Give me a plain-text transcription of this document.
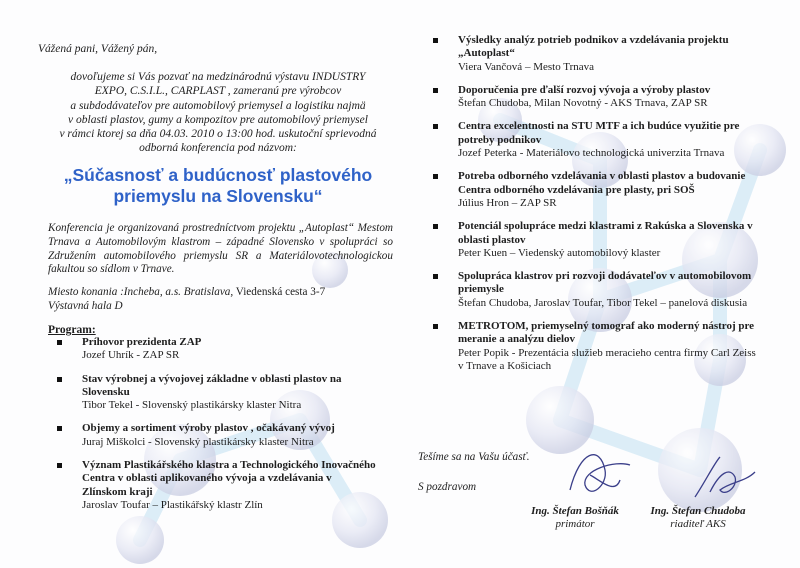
Vážená pani, Vážený pán,

dovoľujeme si Vás pozvať na medzinárodnú výstavu INDUSTRY

EXPO, C.S.I.L., CARPLAST , zameranú pre výrobcov

a subdodávateľov pre automobilový priemysel a logistiku najmä

v oblasti plastov, gumy a kompozitov pre automobilový priemysel

v rámci ktorej sa dňa 04.03. 2010 o 13:00 hod. uskutoční sprievodná

odborná konferencia pod názvom:

„Súčasnosť a budúcnosť plastového priemyslu na Slovensku“
Konferencia je organizovaná prostredníctvom projektu „Autoplast“ Mestom Trnava a Automobilovým klastrom – západné Slovensko v spolupráci so Združením automobilového priemyslu SR a Materiálovotechnologickou fakultou so sídlom v Trnave.
Miesto konania :Incheba, a.s. Bratislava, Viedenská cesta 3-7
Výstavná hala D
Program:
Príhovor prezidenta ZAP
Jozef Uhrík - ZAP SR
Stav výrobnej a vývojovej základne v oblasti plastov na Slovensku
Tibor Tekel - Slovenský plastikársky klaster Nitra
Objemy a sortiment výroby plastov , očakávaný vývoj
Juraj Miškolci - Slovenský plastikársky klaster Nitra
Význam Plastikářského klastra a Technologického Inovačného Centra v oblasti aplikovaného vývoja a vzdelávania v Zlínskom kraji
Jaroslav Toufar – Plastikářský klastr Zlín
Výsledky analýz potrieb podnikov a vzdelávania projektu „Autoplast“
Viera Vančová – Mesto Trnava
Doporučenia pre ďalší rozvoj vývoja a výroby plastov
Štefan Chudoba, Milan Novotný - AKS Trnava, ZAP SR
Centra excelentnosti na STU MTF a ich budúce využitie pre potreby podnikov
Jozef Peterka - Materiálovo technologická univerzita Trnava
Potreba odborného vzdelávania v oblasti plastov a budovanie Centra odborného vzdelávania pre plasty, pri SOŠ
Július Hron – ZAP SR
Potenciál spolupráce medzi klastrami z Rakúska a Slovenska v oblasti plastov
Peter Kuen – Viedenský automobilový klaster
Spolupráca klastrov pri rozvoji dodávateľov v automobilovom priemysle
Štefan Chudoba, Jaroslav Toufar, Tibor Tekel – panelová diskusia
METROTOM, priemyselný tomograf ako moderný nástroj pre meranie a analýzu dielov
Peter Popik - Prezentácia služieb meracieho centra firmy Carl Zeiss v Trnave a Košiciach

Tešíme sa na Vašu účasť.

S pozdravom

Ing. Štefan Bošňák
primátor
Ing. Štefan Chudoba
riaditeľ AKS
